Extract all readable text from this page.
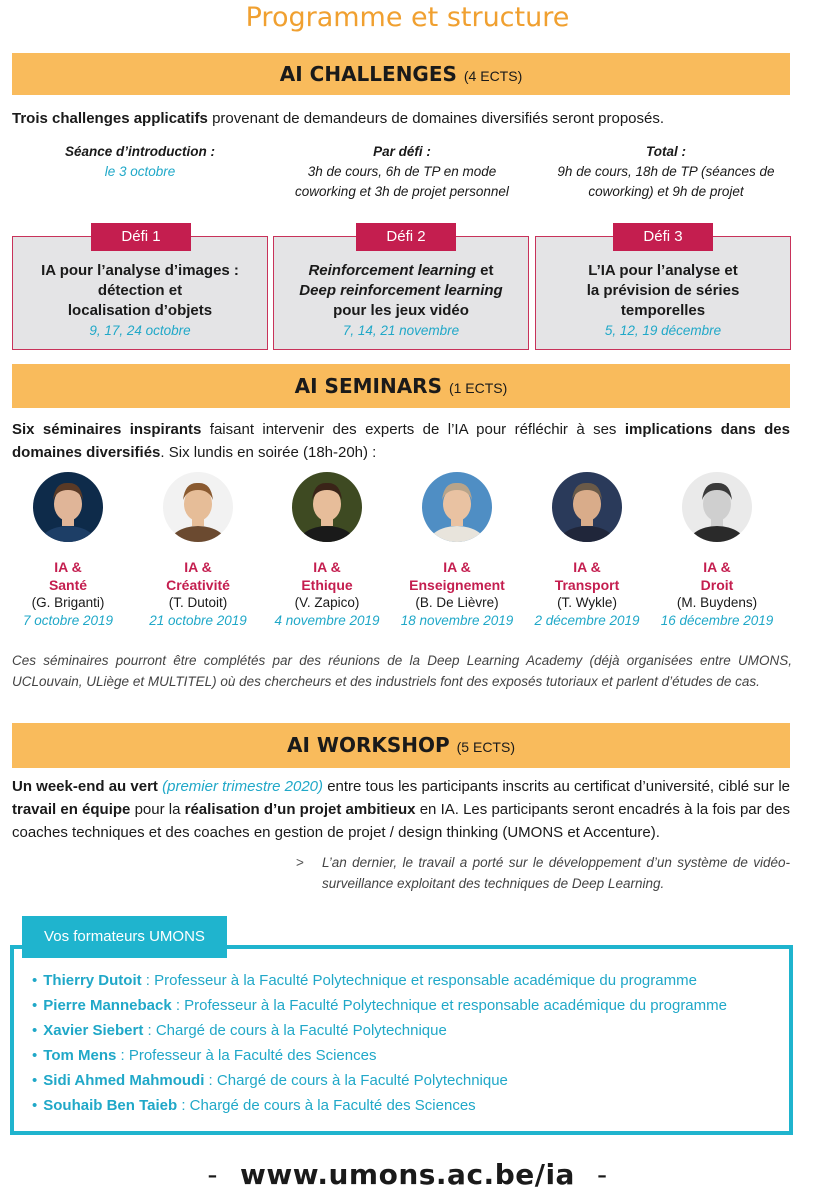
Programme et structure
AI CHALLENGES (4 ECTS)
Trois challenges applicatifs provenant de demandeurs de domaines diversifiés seront proposés.
Séance d’introduction :
le 3 octobre
Par défi :
3h de cours, 6h de TP en mode
coworking et 3h de projet personnel
Total :
9h de cours, 18h de TP (séances de
coworking) et 9h de projet
IA pour l’analyse d’images :
détection et
localisation d’objets
9, 17, 24 octobre
Défi 1
Reinforcement learning et
Deep reinforcement learning
pour les jeux vidéo
7, 14, 21 novembre
Défi 2
L’IA pour l’analyse et
la prévision de séries
temporelles
5, 12, 19 décembre
Défi 3
AI SEMINARS (1 ECTS)
Six séminaires inspirants faisant intervenir des experts de l’IA pour réfléchir à ses implications dans des domaines diversifiés. Six lundis en soirée (18h-20h) :
IA &
Santé
(G. Briganti)
7 octobre 2019
IA &
Créativité
(T. Dutoit)
21 octobre 2019
IA &
Ethique
(V. Zapico)
4 novembre 2019
IA &
Enseignement
(B. De Lièvre)
18 novembre 2019
IA &
Transport
(T. Wykle)
2 décembre 2019
IA &
Droit
(M. Buydens)
16 décembre 2019
Ces séminaires pourront être complétés par des réunions de la Deep Learning Academy (déjà organisées entre UMONS, UCLouvain, ULiège et MULTITEL) où des chercheurs et des industriels font des exposés tutoriaux et parlent d’études de cas.
AI WORKSHOP (5 ECTS)
Un week-end au vert (premier trimestre 2020) entre tous les participants inscrits au certificat d’université, ciblé sur le travail en équipe pour la réalisation d’un projet ambitieux en IA. Les participants seront encadrés à la fois par des coaches techniques et des coaches en gestion de projet / design thinking (UMONS et Accenture).
>	L’an dernier, le travail a porté sur le développement d’un système de vidéo-surveillance exploitant des techniques de Deep Learning.
Vos formateurs UMONS
• Thierry Dutoit : Professeur à la Faculté Polytechnique et responsable académique du programme
• Pierre Manneback : Professeur à la Faculté Polytechnique et responsable académique du programme
• Xavier Siebert : Chargé de cours à la Faculté Polytechnique
• Tom Mens : Professeur à la Faculté des Sciences
• Sidi Ahmed Mahmoudi : Chargé de cours à la Faculté Polytechnique
• Souhaib Ben Taieb : Chargé de cours à la Faculté des Sciences
- www.umons.ac.be/ia -
